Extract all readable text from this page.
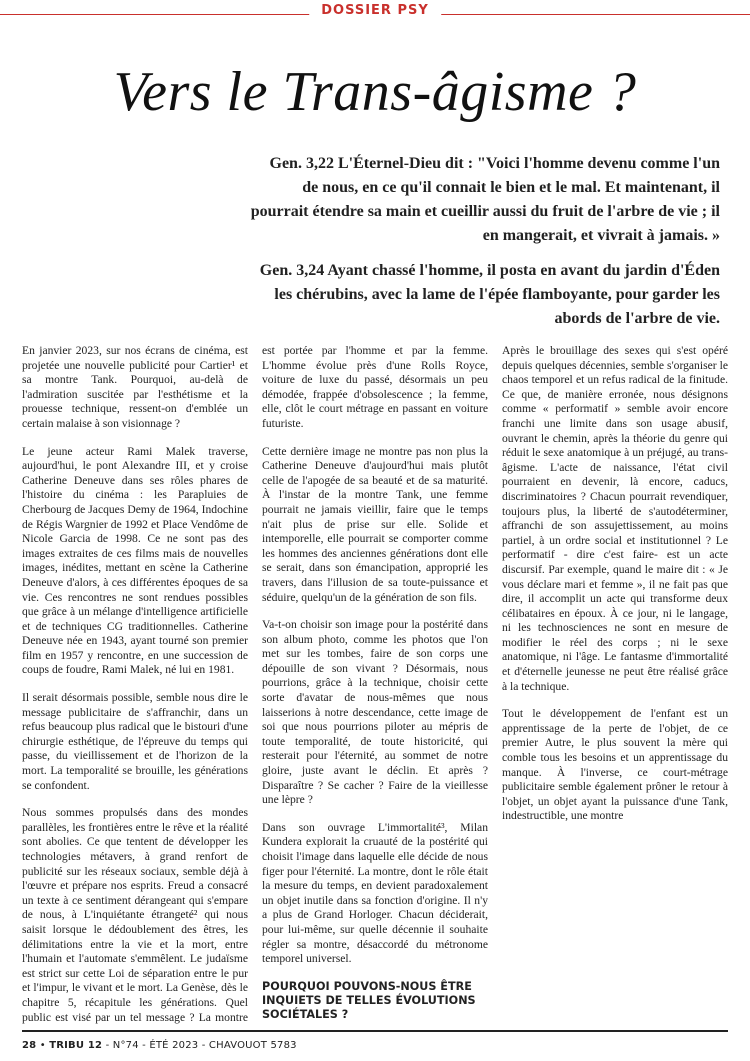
DOSSIER PSY
Vers le Trans-âgisme ?
Gen. 3,22 L'Éternel-Dieu dit : "Voici l'homme devenu comme l'un de nous, en ce qu'il connait le bien et le mal. Et maintenant, il pourrait étendre sa main et cueillir aussi du fruit de l'arbre de vie ; il en mangerait, et vivrait à jamais. »
Gen. 3,24 Ayant chassé l'homme, il posta en avant du jardin d'Éden les chérubins, avec la lame de l'épée flamboyante, pour garder les abords de l'arbre de vie.

En janvier 2023, sur nos écrans de cinéma, est projetée une nouvelle publicité pour Cartier¹ et sa montre Tank. Pourquoi, au-delà de l'admiration suscitée par l'esthétisme et la prouesse technique, ressent-on d'emblée un certain malaise à son visionnage ?

Le jeune acteur Rami Malek traverse, aujourd'hui, le pont Alexandre III, et y croise Catherine Deneuve dans ses rôles phares de l'histoire du cinéma : les Parapluies de Cherbourg de Jacques Demy de 1964, Indochine de Régis Wargnier de 1992 et Place Vendôme de Nicole Garcia de 1998. Ce ne sont pas des images extraites de ces films mais de nouvelles images, inédites, mettant en scène la Catherine Deneuve d'alors, à ces différentes époques de sa vie. Ces rencontres ne sont rendues possibles que grâce à un mélange d'intelligence artificielle et de techniques CG traditionnelles. Catherine Deneuve née en 1943, ayant tourné son premier film en 1957 y rencontre, en une succession de coups de foudre, Rami Malek, né lui en 1981.

Il serait désormais possible, semble nous dire le message publicitaire de s'affranchir, dans un refus beaucoup plus radical que le bistouri d'une chirurgie esthétique, de l'épreuve du temps qui passe, du vieillissement et de l'horizon de la mort. La temporalité se brouille, les générations se confondent.

Nous sommes propulsés dans des mondes parallèles, les frontières entre le rêve et la réalité sont abolies. Ce que tentent de développer les technologies métavers, à grand renfort de publicité sur les réseaux sociaux, semble déjà à l'œuvre et prépare nos esprits. Freud a consacré un texte à ce sentiment dérangeant qui s'empare de nous, à L'inquiétante étrangeté² qui nous saisit lorsque le dédoublement des êtres, les délimitations entre la vie et la mort, entre l'humain et l'automate s'emmêlent. Le judaïsme est strict sur cette Loi de séparation entre le pur et l'impur, le vivant et le mort. La Genèse, dès le chapitre 5, récapitule les générations. Quel public est visé par un tel message ? La montre est portée par l'homme et par la femme. L'homme évolue près d'une Rolls Royce, voiture de luxe du passé, désormais un peu démodée, frappée d'obsolescence ; la femme, elle, clôt le court métrage en passant en voiture futuriste.

Cette dernière image ne montre pas non plus la Catherine Deneuve d'aujourd'hui mais plutôt celle de l'apogée de sa beauté et de sa maturité. À l'instar de la montre Tank, une femme pourrait ne jamais vieillir, faire que le temps n'ait plus de prise sur elle. Solide et intemporelle, elle pourrait se comporter comme les hommes des anciennes générations dont elle se serait, dans son émancipation, approprié les travers, dans l'illusion de sa toute-puissance et séduire, quelqu'un de la génération de son fils.

Va-t-on choisir son image pour la postérité dans son album photo, comme les photos que l'on met sur les tombes, faire de son corps une dépouille de son vivant ? Désormais, nous pourrions, grâce à la technique, choisir cette sorte d'avatar de nous-mêmes que nous laisserions à notre descendance, cette image de soi que nous pourrions piloter au mépris de toute temporalité, de toute historicité, qui resterait pour l'éternité, au sommet de notre gloire, juste avant le déclin. Et après ? Disparaître ? Se cacher ? Faire de la vieillesse une lèpre ?

Dans son ouvrage L'immortalité³, Milan Kundera explorait la cruauté de la postérité qui choisit l'image dans laquelle elle décide de nous figer pour l'éternité. La montre, dont le rôle était la mesure du temps, en devient paradoxalement un objet inutile dans sa fonction d'origine. Il n'y a plus de Grand Horloger. Chacun déciderait, pour lui-même, sur quelle décennie il souhaite régler sa montre, désaccordé du métronome temporel universel.

POURQUOI POUVONS-NOUS ÊTRE INQUIETS DE TELLES ÉVOLUTIONS SOCIÉTALES ?

Après le brouillage des sexes qui s'est opéré depuis quelques décennies, semble s'organiser le chaos temporel et un refus radical de la finitude. Ce que, de manière erronée, nous désignons comme « performatif » semble avoir encore franchi une limite dans son usage abusif, ouvrant le chemin, après la théorie du genre qui réduit le sexe anatomique à un préjugé, au trans-âgisme. L'acte de naissance, l'état civil pourraient en devenir, là encore, caducs, discriminatoires ? Chacun pourrait revendiquer, toujours plus, la liberté de s'autodéterminer, affranchi de son assujettissement, au moins partiel, à un ordre social et institutionnel ? Le performatif - dire c'est faire- est un acte discursif. Par exemple, quand le maire dit : « Je vous déclare mari et femme », il ne fait pas que dire, il accomplit un acte qui transforme deux célibataires en époux. À ce jour, ni le langage, ni les technosciences ne sont en mesure de modifier le réel des corps ; ni le sexe anatomique, ni l'âge. Le fantasme d'immortalité et d'éternelle jeunesse ne peut être réalisé grâce à la technique.

Tout le développement de l'enfant est un apprentissage de la perte de l'objet, de ce premier Autre, le plus souvent la mère qui comble tous les besoins et un apprentissage du manque. À l'inverse, ce court-métrage publicitaire semble également prôner le retour à l'objet, un objet ayant la puissance d'une Tank, indestructible, une montre

28 • TRIBU 12 - N°74 - ÉTÉ 2023 - CHAVOUOT 5783
